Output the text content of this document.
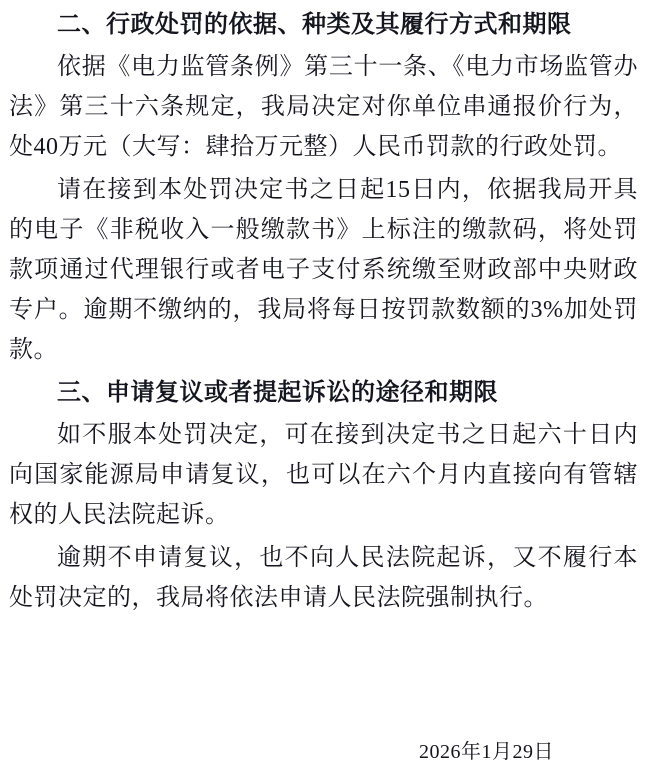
二、行政处罚的依据、种类及其履行方式和期限

依据《电力监管条例》第三十一条、《电力市场监管办法》第三十六条规定，我局决定对你单位串通报价行为，处40万元（大写：肆拾万元整）人民币罚款的行政处罚。

请在接到本处罚决定书之日起15日内，依据我局开具的电子《非税收入一般缴款书》上标注的缴款码，将处罚款项通过代理银行或者电子支付系统缴至财政部中央财政专户。逾期不缴纳的，我局将每日按罚款数额的3%加处罚款。

三、申请复议或者提起诉讼的途径和期限

如不服本处罚决定，可在接到决定书之日起六十日内向国家能源局申请复议，也可以在六个月内直接向有管辖权的人民法院起诉。

逾期不申请复议，也不向人民法院起诉，又不履行本处罚决定的，我局将依法申请人民法院强制执行。

2026年1月29日
